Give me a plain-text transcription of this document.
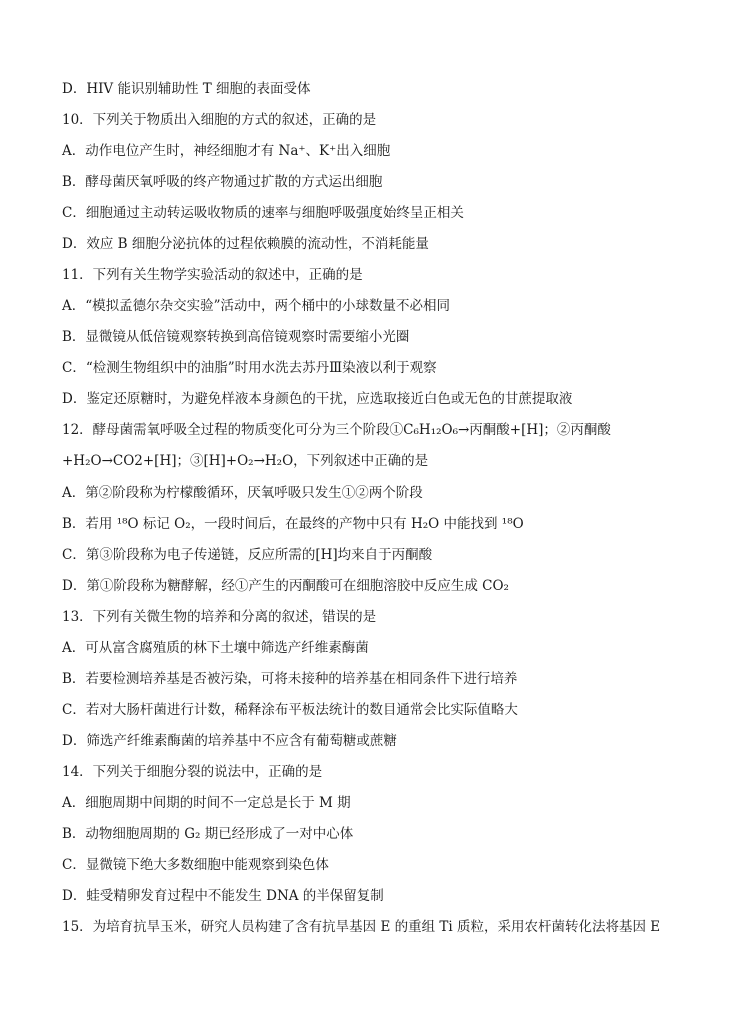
D．HIV 能识别辅助性 T 细胞的表面受体
10．下列关于物质出入细胞的方式的叙述，正确的是
A．动作电位产生时，神经细胞才有 Na⁺、K⁺出入细胞
B．酵母菌厌氧呼吸的终产物通过扩散的方式运出细胞
C．细胞通过主动转运吸收物质的速率与细胞呼吸强度始终呈正相关
D．效应 B 细胞分泌抗体的过程依赖膜的流动性，不消耗能量
11．下列有关生物学实验活动的叙述中，正确的是
A．“模拟孟德尔杂交实验”活动中，两个桶中的小球数量不必相同
B．显微镜从低倍镜观察转换到高倍镜观察时需要缩小光圈
C．“检测生物组织中的油脂”时用水洗去苏丹Ⅲ染液以利于观察
D．鉴定还原糖时，为避免样液本身颜色的干扰，应选取接近白色或无色的甘蔗提取液
12．酵母菌需氧呼吸全过程的物质变化可分为三个阶段①C₆H₁₂O₆→丙酮酸+[H]；②丙酮酸
+H₂O→CO2+[H]；③[H]+O₂→H₂O，下列叙述中正确的是
A．第②阶段称为柠檬酸循环，厌氧呼吸只发生①②两个阶段
B．若用 ¹⁸O 标记 O₂，一段时间后，在最终的产物中只有 H₂O 中能找到 ¹⁸O
C．第③阶段称为电子传递链，反应所需的[H]均来自于丙酮酸
D．第①阶段称为糖酵解，经①产生的丙酮酸可在细胞溶胶中反应生成 CO₂
13．下列有关微生物的培养和分离的叙述，错误的是
A．可从富含腐殖质的林下土壤中筛选产纤维素酶菌
B．若要检测培养基是否被污染，可将未接种的培养基在相同条件下进行培养
C．若对大肠杆菌进行计数，稀释涂布平板法统计的数目通常会比实际值略大
D．筛选产纤维素酶菌的培养基中不应含有葡萄糖或蔗糖
14．下列关于细胞分裂的说法中，正确的是
A．细胞周期中间期的时间不一定总是长于 M 期
B．动物细胞周期的 G₂ 期已经形成了一对中心体
C．显微镜下绝大多数细胞中能观察到染色体
D．蛙受精卵发育过程中不能发生 DNA 的半保留复制
15．为培育抗旱玉米，研究人员构建了含有抗旱基因 E 的重组 Ti 质粒，采用农杆菌转化法将基因 E
